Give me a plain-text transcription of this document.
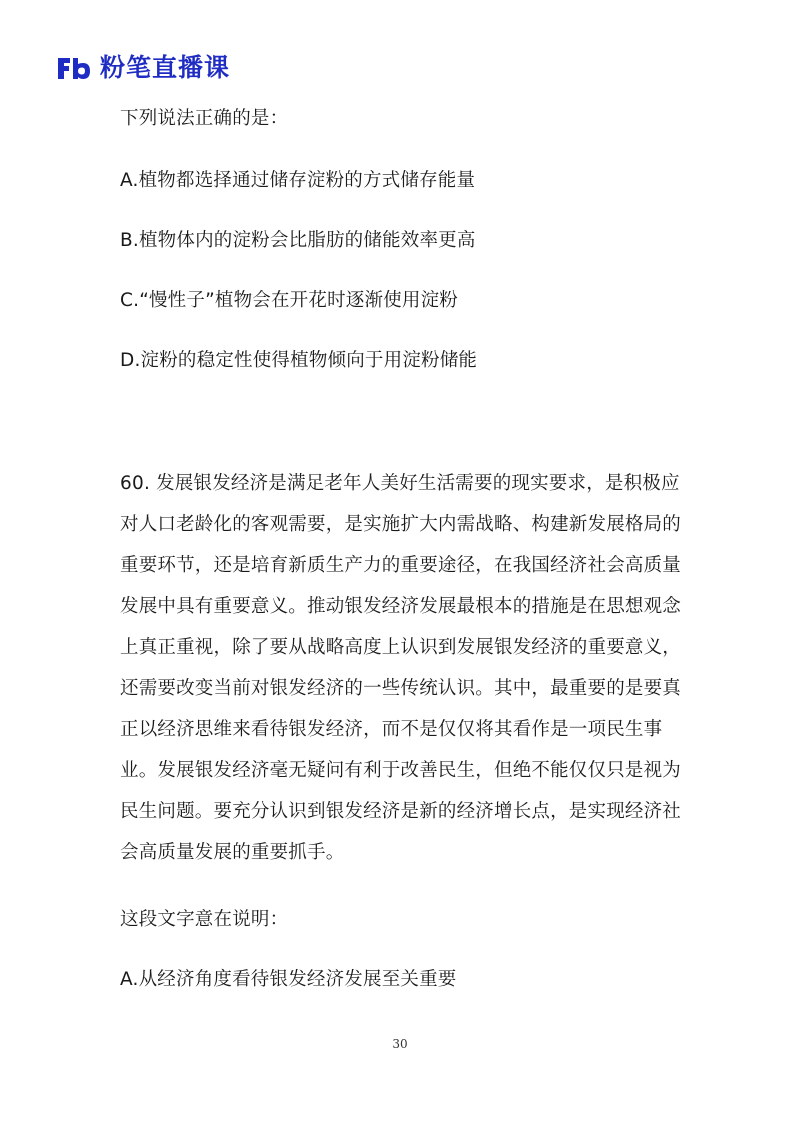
粉笔直播课
下列说法正确的是：
A.植物都选择通过储存淀粉的方式储存能量
B.植物体内的淀粉会比脂肪的储能效率更高
C.“慢性子”植物会在开花时逐渐使用淀粉
D.淀粉的稳定性使得植物倾向于用淀粉储能
60. 发展银发经济是满足老年人美好生活需要的现实要求，是积极应
对人口老龄化的客观需要，是实施扩大内需战略、构建新发展格局的
重要环节，还是培育新质生产力的重要途径，在我国经济社会高质量
发展中具有重要意义。推动银发经济发展最根本的措施是在思想观念
上真正重视，除了要从战略高度上认识到发展银发经济的重要意义，
还需要改变当前对银发经济的一些传统认识。其中，最重要的是要真
正以经济思维来看待银发经济，而不是仅仅将其看作是一项民生事
业。发展银发经济毫无疑问有利于改善民生，但绝不能仅仅只是视为
民生问题。要充分认识到银发经济是新的经济增长点，是实现经济社
会高质量发展的重要抓手。
这段文字意在说明：
A.从经济角度看待银发经济发展至关重要
30
